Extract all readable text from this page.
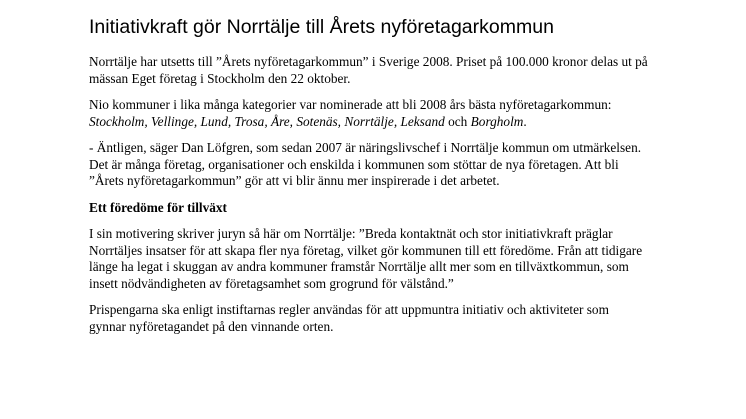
Initiativkraft gör Norrtälje till Årets nyföretagarkommun

Norrtälje har utsetts till ”Årets nyföretagarkommun” i Sverige 2008. Priset på 100.000 kronor delas ut på mässan Eget företag i Stockholm den 22 oktober.

Nio kommuner i lika många kategorier var nominerade att bli 2008 års bästa nyföretagarkommun: Stockholm, Vellinge, Lund, Trosa, Åre, Sotenäs, Norrtälje, Leksand och Borgholm.

- Äntligen, säger Dan Löfgren, som sedan 2007 är näringslivschef i Norrtälje kommun om utmärkelsen. Det är många företag, organisationer och enskilda i kommunen som stöttar de nya företagen. Att bli ”Årets nyföretagarkommun” gör att vi blir ännu mer inspirerade i det arbetet.

Ett föredöme för tillväxt

I sin motivering skriver juryn så här om Norrtälje: ”Breda kontaktnät och stor initiativkraft präglar Norrtäljes insatser för att skapa fler nya företag, vilket gör kommunen till ett föredöme. Från att tidigare länge ha legat i skuggan av andra kommuner framstår Norrtälje allt mer som en tillväxtkommun, som insett nödvändigheten av företagsamhet som grogrund för välstånd.”

Prispengarna ska enligt instiftarnas regler användas för att uppmuntra initiativ och aktiviteter som gynnar nyföretagandet på den vinnande orten.
